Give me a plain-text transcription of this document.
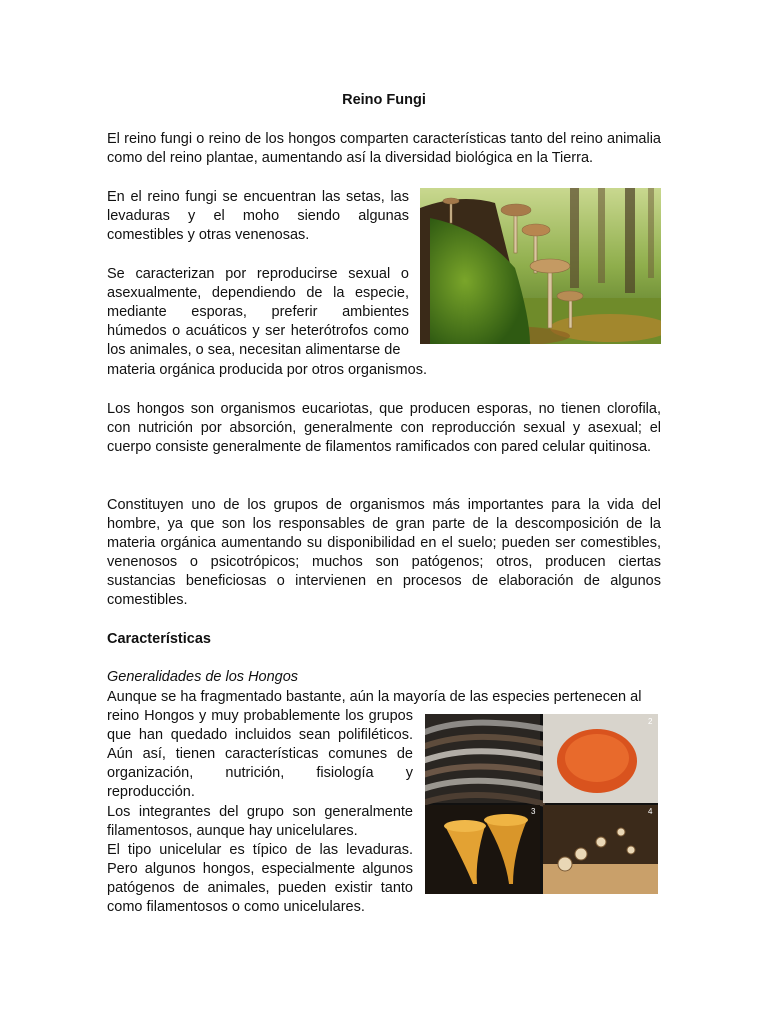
Reino Fungi

El reino fungi o reino de los hongos comparten características tanto del reino animalia como del reino plantae, aumentando así la diversidad biológica en la Tierra.

En el reino fungi se encuentran las setas, las levaduras y el moho siendo algunas comestibles y otras venenosas.

Se caracterizan por reproducirse sexual o asexualmente, dependiendo de la especie, mediante esporas, preferir ambientes húmedos o acuáticos y ser heterótrofos como los animales, o sea, necesitan alimentarse de

materia orgánica producida por otros organismos.

Los hongos son organismos eucariotas, que producen esporas, no tienen clorofila, con nutrición por absorción, generalmente con reproducción sexual y asexual; el cuerpo consiste generalmente de filamentos ramificados con pared celular quitinosa.

Constituyen uno de los grupos de organismos más importantes para la vida del hombre, ya que son los responsables de gran parte de la descomposición de la materia orgánica aumentando su disponibilidad en el suelo; pueden ser comestibles, venenosos o psicotrópicos; muchos son patógenos; otros, producen ciertas sustancias beneficiosas o intervienen en procesos de elaboración de algunos comestibles.

Características
Generalidades de los Hongos

Aunque se ha fragmentado bastante, aún la mayoría de las especies pertenecen al

reino Hongos y muy probablemente los grupos que han quedado incluidos sean polifiléticos. Aún así, tienen características comunes de organización, nutrición, fisiología y reproducción.

Los integrantes del grupo son generalmente filamentosos, aunque hay unicelulares.

El tipo unicelular es típico de las levaduras. Pero algunos hongos, especialmente algunos patógenos de animales, pueden existir tanto como filamentosos o como unicelulares.

2
3	4
